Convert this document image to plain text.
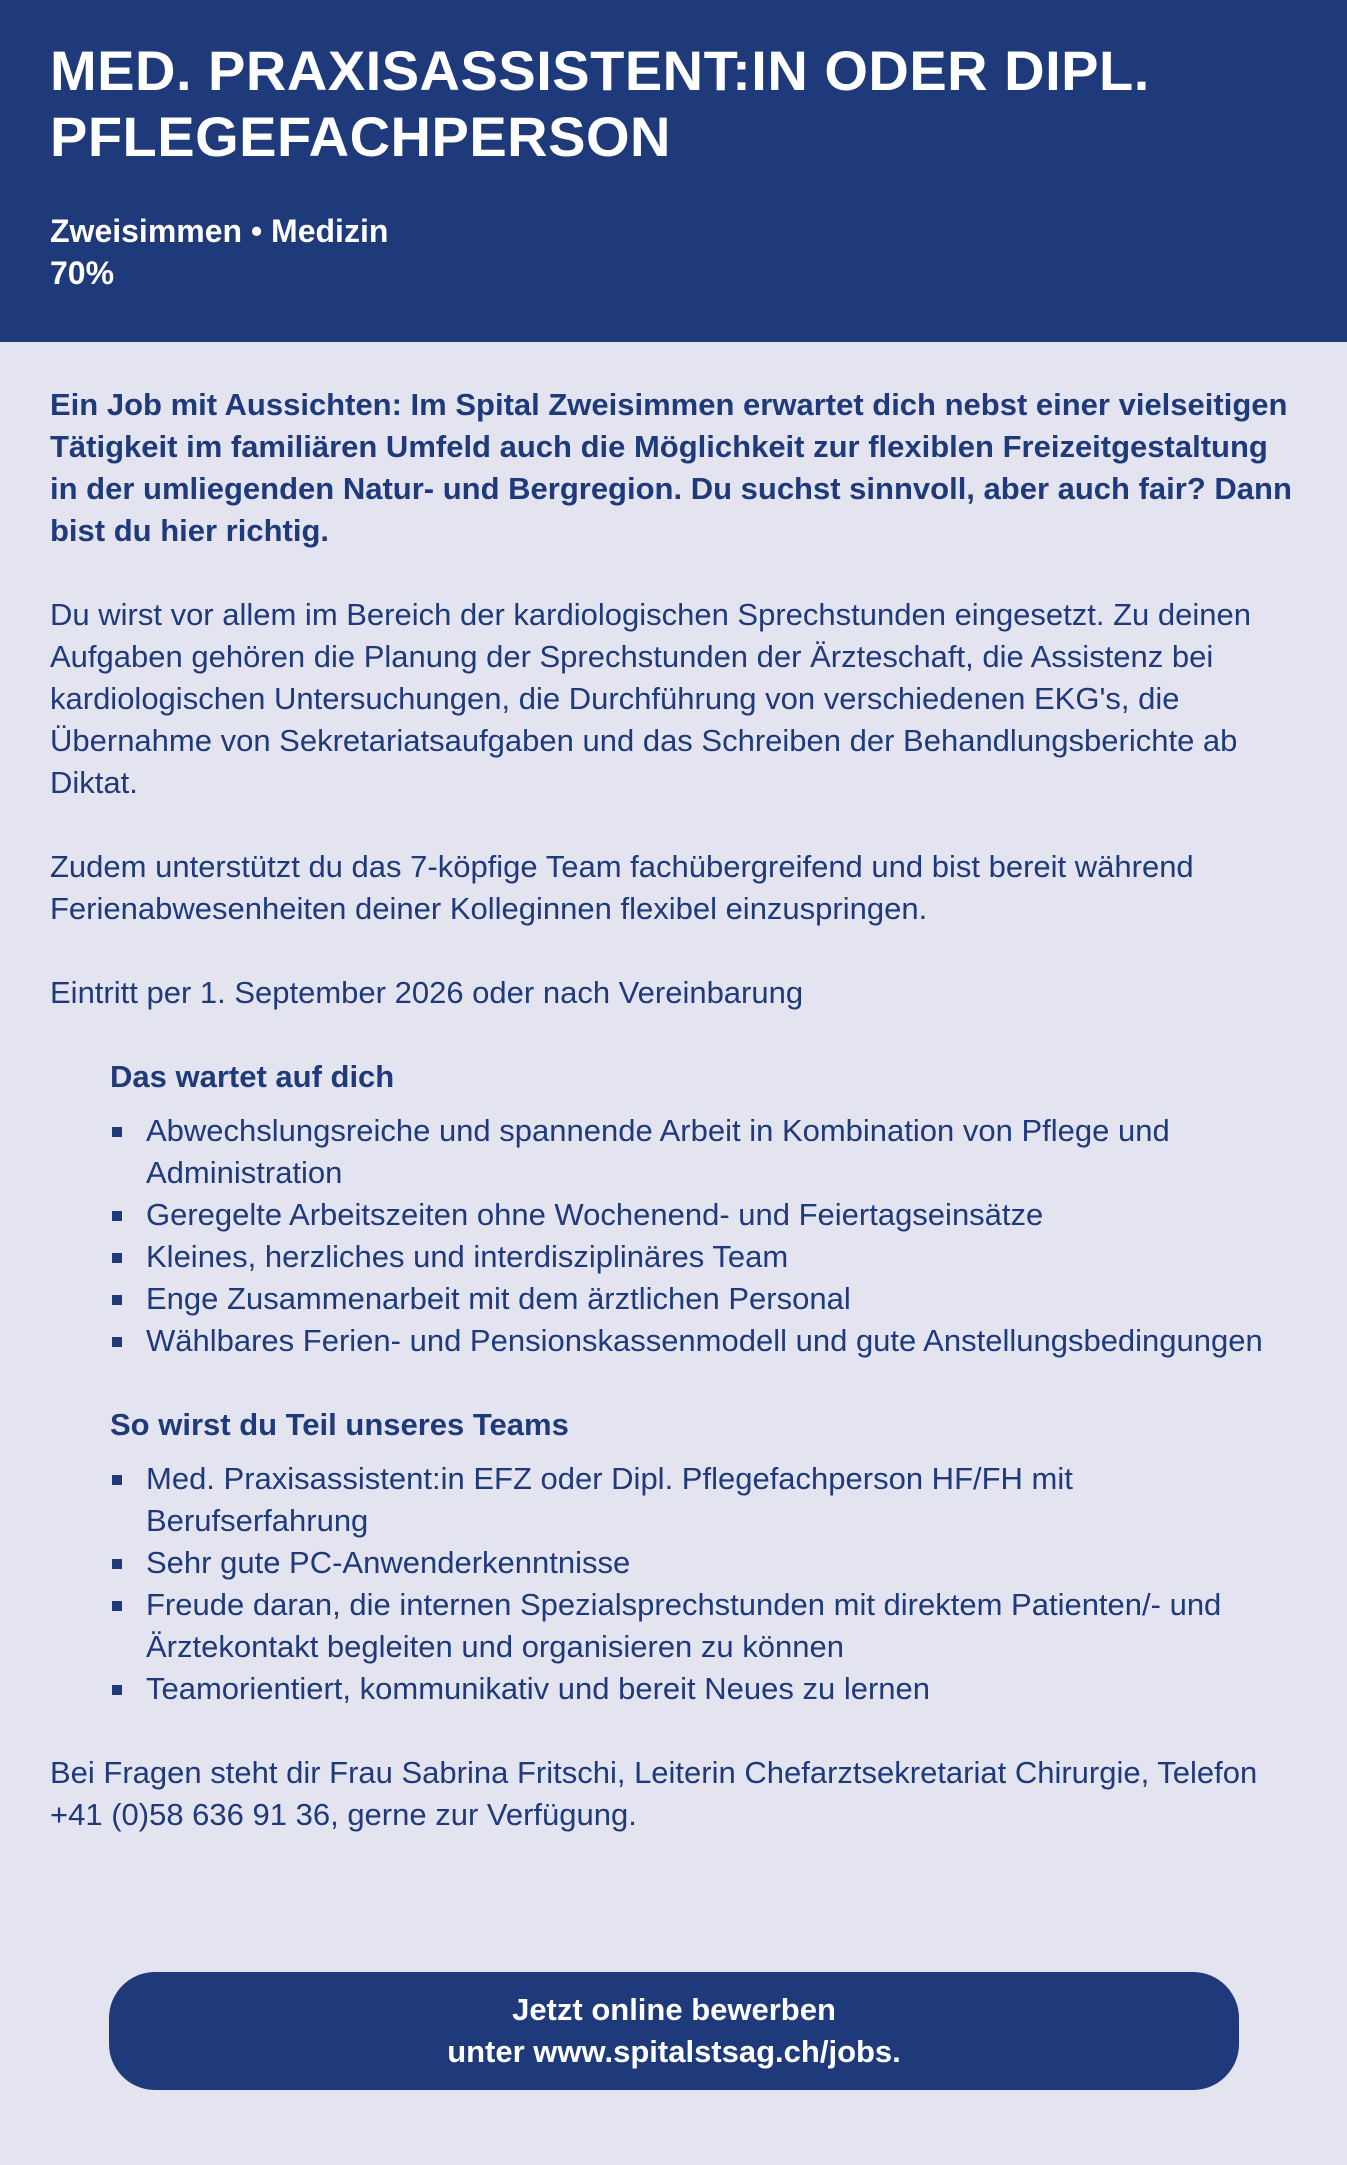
MED. PRAXISASSISTENT:IN ODER DIPL. PFLEGEFACHPERSON
Zweisimmen • Medizin
70%

Ein Job mit Aussichten: Im Spital Zweisimmen erwartet dich nebst einer vielseitigen Tätigkeit im familiären Umfeld auch die Möglichkeit zur flexiblen Freizeitgestaltung in der umliegenden Natur- und Bergregion. Du suchst sinnvoll, aber auch fair? Dann bist du hier richtig.

Du wirst vor allem im Bereich der kardiologischen Sprechstunden eingesetzt. Zu deinen Aufgaben gehören die Planung der Sprechstunden der Ärzteschaft, die Assistenz bei kardiologischen Untersuchungen, die Durchführung von verschiedenen EKG's, die Übernahme von Sekretariatsaufgaben und das Schreiben der Behandlungsberichte ab Diktat.

Zudem unterstützt du das 7-köpfige Team fachübergreifend und bist bereit während Ferienabwesenheiten deiner Kolleginnen flexibel einzuspringen.

Eintritt per 1. September 2026 oder nach Vereinbarung

Das wartet auf dich
Abwechslungsreiche und spannende Arbeit in Kombination von Pflege und Administration
Geregelte Arbeitszeiten ohne Wochenend- und Feiertagseinsätze
Kleines, herzliches und interdisziplinäres Team
Enge Zusammenarbeit mit dem ärztlichen Personal
Wählbares Ferien- und Pensionskassenmodell und gute Anstellungsbedingungen
So wirst du Teil unseres Teams
Med. Praxisassistent:in EFZ oder Dipl. Pflegefachperson HF/FH mit Berufserfahrung
Sehr gute PC-Anwenderkenntnisse
Freude daran, die internen Spezialsprechstunden mit direktem Patienten/- und Ärztekontakt begleiten und organisieren zu können
Teamorientiert, kommunikativ und bereit Neues zu lernen

Bei Fragen steht dir Frau Sabrina Fritschi, Leiterin Chefarztsekretariat Chirurgie, Telefon +41 (0)58 636 91 36, gerne zur Verfügung.

Jetzt online bewerben
unter www.spitalstsag.ch/jobs.
